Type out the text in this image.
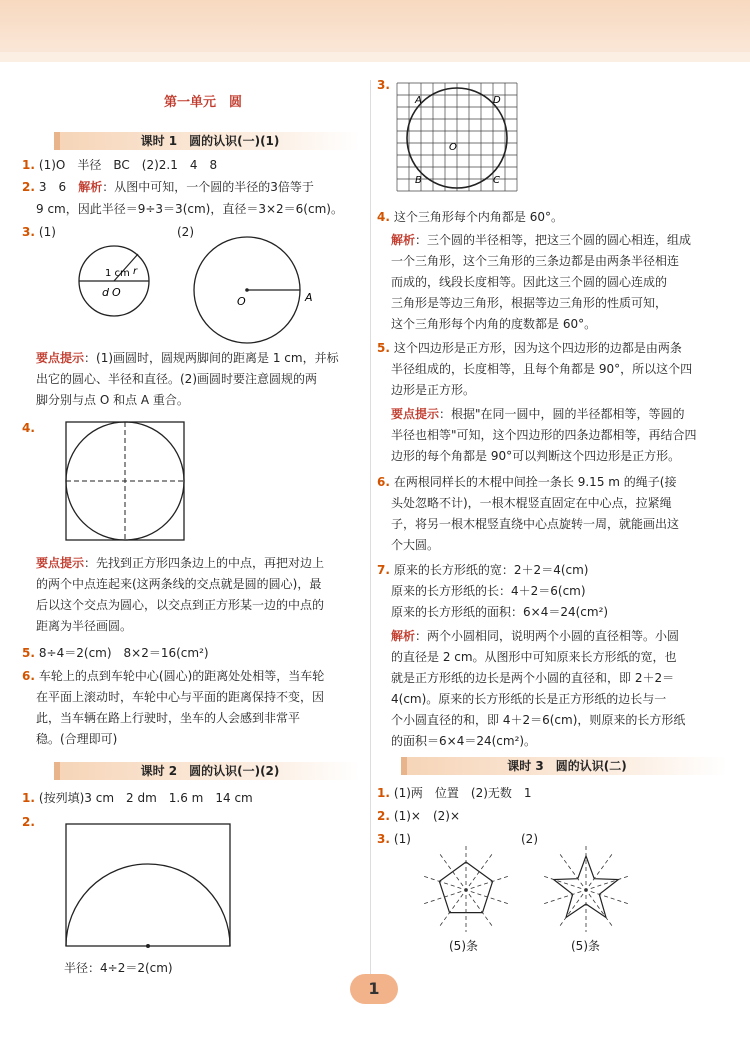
第一单元　圆
课时 1　圆的认识(一)(1)
1. (1)O　半径　BC　(2)2.1　4　8
2. 3　6　解析：从图中可知，一个圆的半径的3倍等于
9 cm，因此半径＝9÷3＝3(cm)，直径＝3×2＝6(cm)。
3. (1)	(2)
1 cm r
d O
O	A
要点提示：(1)画圆时，圆规两脚间的距离是 1 cm，并标
出它的圆心、半径和直径。(2)画圆时要注意圆规的两
脚分别与点 O 和点 A 重合。
4.
要点提示：先找到正方形四条边上的中点，再把对边上
的两个中点连起来(这两条线的交点就是圆的圆心)，最
后以这个交点为圆心，以交点到正方形某一边的中点的
距离为半径画圆。
5. 8÷4＝2(cm)　8×2＝16(cm²)
6. 车轮上的点到车轮中心(圆心)的距离处处相等，当车轮
在平面上滚动时，车轮中心与平面的距离保持不变，因
此，当车辆在路上行驶时，坐车的人会感到非常平
稳。(合理即可)
课时 2　圆的认识(一)(2)
1. (按列填)3 cm　2 dm　1.6 m　14 cm
2.
半径：4÷2＝2(cm)
3.
A	D
O
B	C
4. 这个三角形每个内角都是 60°。
解析：三个圆的半径相等，把这三个圆的圆心相连，组成
一个三角形，这个三角形的三条边都是由两条半径相连
而成的，线段长度相等。因此这三个圆的圆心连成的
三角形是等边三角形，根据等边三角形的性质可知，
这个三角形每个内角的度数都是 60°。
5. 这个四边形是正方形，因为这个四边形的边都是由两条
半径组成的，长度相等，且每个角都是 90°，所以这个四
边形是正方形。
要点提示：根据"在同一圆中，圆的半径都相等，等圆的
半径也相等"可知，这个四边形的四条边都相等，再结合四
边形的每个角都是 90°可以判断这个四边形是正方形。
6. 在两根同样长的木棍中间拴一条长 9.15 m 的绳子(接
头处忽略不计)，一根木棍竖直固定在中心点，拉紧绳
子，将另一根木棍竖直绕中心点旋转一周，就能画出这
个大圆。
7. 原来的长方形纸的宽：2＋2＝4(cm)
原来的长方形纸的长：4＋2＝6(cm)
原来的长方形纸的面积：6×4＝24(cm²)
解析：两个小圆相同，说明两个小圆的直径相等。小圆
的直径是 2 cm。从图形中可知原来长方形纸的宽，也
就是正方形纸的边长是两个小圆的直径和，即 2＋2＝
4(cm)。原来的长方形纸的长是正方形纸的边长与一
个小圆直径的和，即 4＋2＝6(cm)，则原来的长方形纸
的面积＝6×4＝24(cm²)。
课时 3　圆的认识(二)
1. (1)两　位置　(2)无数　1
2. (1)×　(2)×
3. (1)	(2)
(5)条	(5)条
1
